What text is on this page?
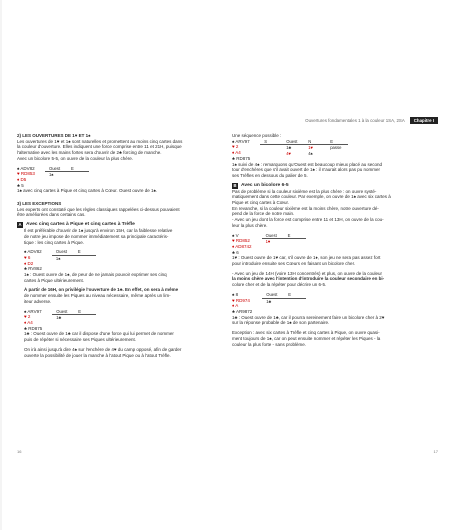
Ouvertures fondamentales 1 à la couleur 1SA, 2SA Chapitre I

2) LES OUVERTURES DE 1♥ ET 1♠

Les ouvertures de 1♥ et 1♠ sont naturelles et promettent au moins cinq cartes dans

la couleur d'ouverture. Elles indiquent une force comprise entre 11 et 21H, puisque

l'alternative avec les mains fortes sera d'ouvrir de 2♣ forcing de manche.

Avec un bicolore 5-5, on ouvre de la couleur la plus chère.

♠ ADV82

♥ RD853

♦ D5

♣ 5

Ouest	E
1♠	

1♠ avec cinq cartes à Pique et cinq cartes à Cœur. Ouest ouvre de 1♠.

3) LES EXCEPTIONS

Les experts ont constaté que les règles classiques rappelées ci-dessus pouvaient

être améliorées dans certains cas.

A Avec cinq cartes à Pique et cinq cartes à Trèfle

Il est préférable d'ouvrir de 1♠ jusqu'à environ 15H, car la faiblesse relative

de notre jeu impose de nommer immédiatement sa principale caractéris-

tique : les cinq cartes à Pique.

♠ ADV82

♥ 6

♦ D2

♣ RV862

Ouest	E
1♠	

1♠ : Ouest ouvre de 1♠, de peur de ne jamais pouvoir exprimer ses cinq

cartes à Pique ultérieurement.

À partir de 16H, on privilégie l'ouverture de 1♣. En effet, on sera à même

de nommer ensuite les Piques au niveau nécessaire, même après un lim-

iteur adverse.

♠ ARV97

♥ 2

♦ A4

♣ RD875

Ouest	E
1♣	

1♣ : Ouest ouvre de 1♣ car il dispose d'une force qui lui permet de nommer

puis de répéter si nécessaire ses Piques ultérieurement.

On irà ainsi jusqu'à dire 4♠ sur l'enchère de 4♥ du camp opposé, afin de garder

ouverte la possibilité de jouer la manche à l'atout Pique ou à l'atout Trèfle.

Une séquence possible :

♠ ARV97

♥ 2

♦ A4

♣ RD875

S	Ouest	N	E
	1♣	1♥	passe
	4♥	4♠	

1♠ suivi de 4♠ : remarquons qu'Ouest est beaucoup mieux placé au second

tour d'enchères que s'il avait ouvert de 1♠ : il n'aurait alors pas pu nommer

ses Trèfles en dessous du palier de 5.

B Avec un bicolore 6-5

Pas de problème si la couleur sixième est la plus chère : on ouvre systé-

matiquement dans cette couleur. Par exemple, on ouvre de 1♠ avec six cartes à

Pique et cinq cartes à Cœur.

En revanche, si la couleur sixième est la moins chère, notre ouverture dé-

pend de la force de notre main.

- Avec un jeu dont la force est comprise entre 11 et 13H, on ouvre de la cou-

leur la plus chère.

♠ V

♥ RD852

♦ AD8742

♣ 6

Ouest	E
1♥	

1♥ : Ouest ouvre de 1♥ car, s'il ouvre de 1♦, son jeu ne sera pas assez fort

pour introduire ensuite ses Cœurs en faisant un bicolore cher.

- Avec un jeu de 14H (voire 13H concentrés) et plus, on ouvre de la couleur

la moins chère avec l'intention d'introduire la couleur secondaire en bi-

colore cher et de la répéter pour décrire un 6-5.

♠ 8

♥ RD974

♦ A

♣ AR9872

Ouest	E
1♣	

1♣ : Ouest ouvre de 1♣, car il pourra sereinement faire un bicolore cher à 2♥

sur la réponse probable de 1♠ de son partenaire.

Exception : avec six cartes à Trèfle et cinq cartes à Pique, on ouvre quasi-

ment toujours de 1♠, car on peut ensuite nommer et répéter les Piques - la

couleur la plus forte - sans problème.

16	17
